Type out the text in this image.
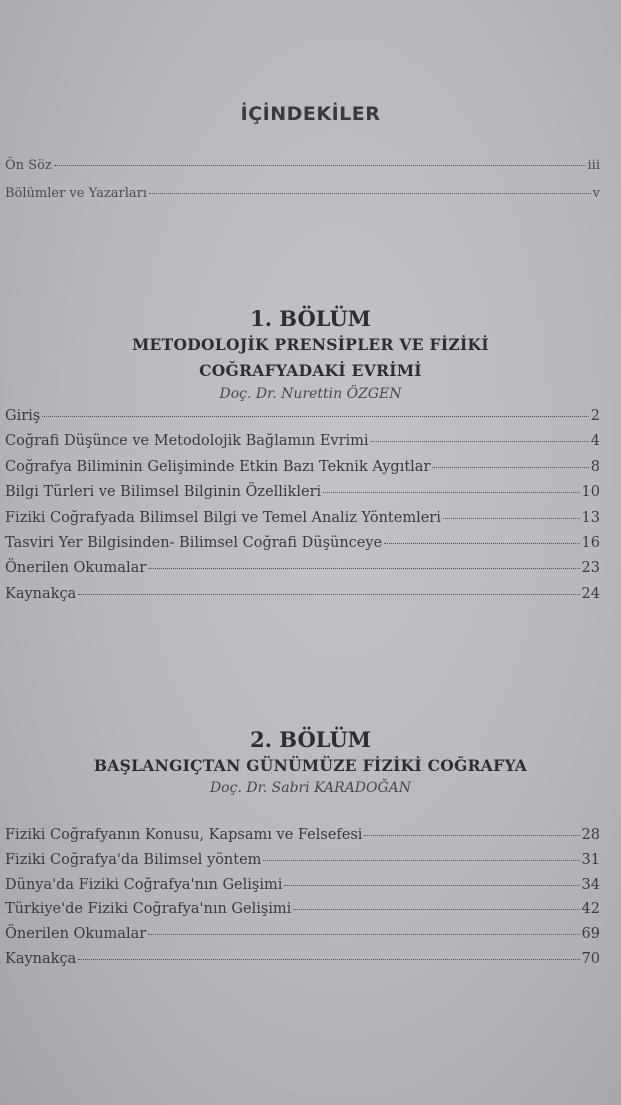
İÇİNDEKİLER
Ön Söz	iii
Bölümler ve Yazarları	v
1. BÖLÜM
METODOLOJİK PRENSİPLER VE FİZİKİ
COĞRAFYADAKİ EVRİMİ
Doç. Dr. Nurettin ÖZGEN
Giriş	2
Coğrafi Düşünce ve Metodolojik Bağlamın Evrimi	4
Coğrafya Biliminin Gelişiminde Etkin Bazı Teknik Aygıtlar	8
Bilgi Türleri ve Bilimsel Bilginin Özellikleri	10
Fiziki Coğrafyada Bilimsel Bilgi ve Temel Analiz Yöntemleri	13
Tasviri Yer Bilgisinden- Bilimsel Coğrafi Düşünceye	16
Önerilen Okumalar	23
Kaynakça	24
2. BÖLÜM
BAŞLANGIÇTAN GÜNÜMÜZE FİZİKİ COĞRAFYA
Doç. Dr. Sabri KARADOĞAN
Fiziki Coğrafyanın Konusu, Kapsamı ve Felsefesi	28
Fiziki Coğrafya'da Bilimsel yöntem	31
Dünya'da Fiziki Coğrafya'nın Gelişimi	34
Türkiye'de Fiziki Coğrafya'nın Gelişimi	42
Önerilen Okumalar	69
Kaynakça	70
